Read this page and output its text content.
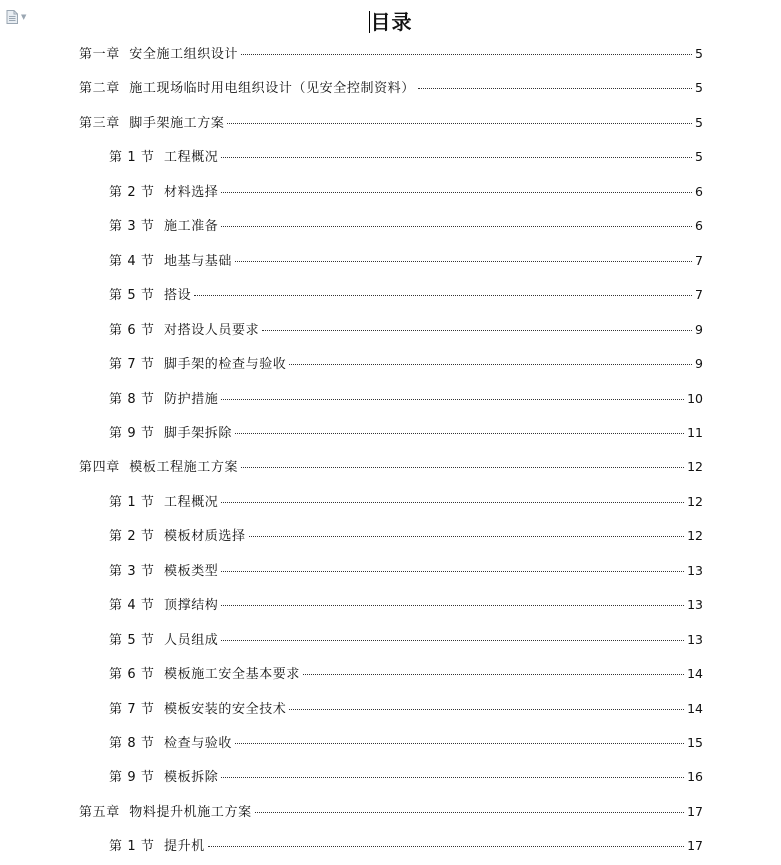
▼	目录
第一章  安全施工组织设计	5
第二章  施工现场临时用电组织设计（见安全控制资料）	5
第三章  脚手架施工方案	5
第 1 节  工程概况	5
第 2 节  材料选择	6
第 3 节  施工准备	6
第 4 节  地基与基础	7
第 5 节  搭设	7
第 6 节  对搭设人员要求	9
第 7 节  脚手架的检查与验收	9
第 8 节  防护措施	10
第 9 节  脚手架拆除	11
第四章  模板工程施工方案	12
第 1 节  工程概况	12
第 2 节  模板材质选择	12
第 3 节  模板类型	13
第 4 节  顶撑结构	13
第 5 节  人员组成	13
第 6 节  模板施工安全基本要求	14
第 7 节  模板安装的安全技术	14
第 8 节  检查与验收	15
第 9 节  模板拆除	16
第五章  物料提升机施工方案	17
第 1 节  提升机	17
